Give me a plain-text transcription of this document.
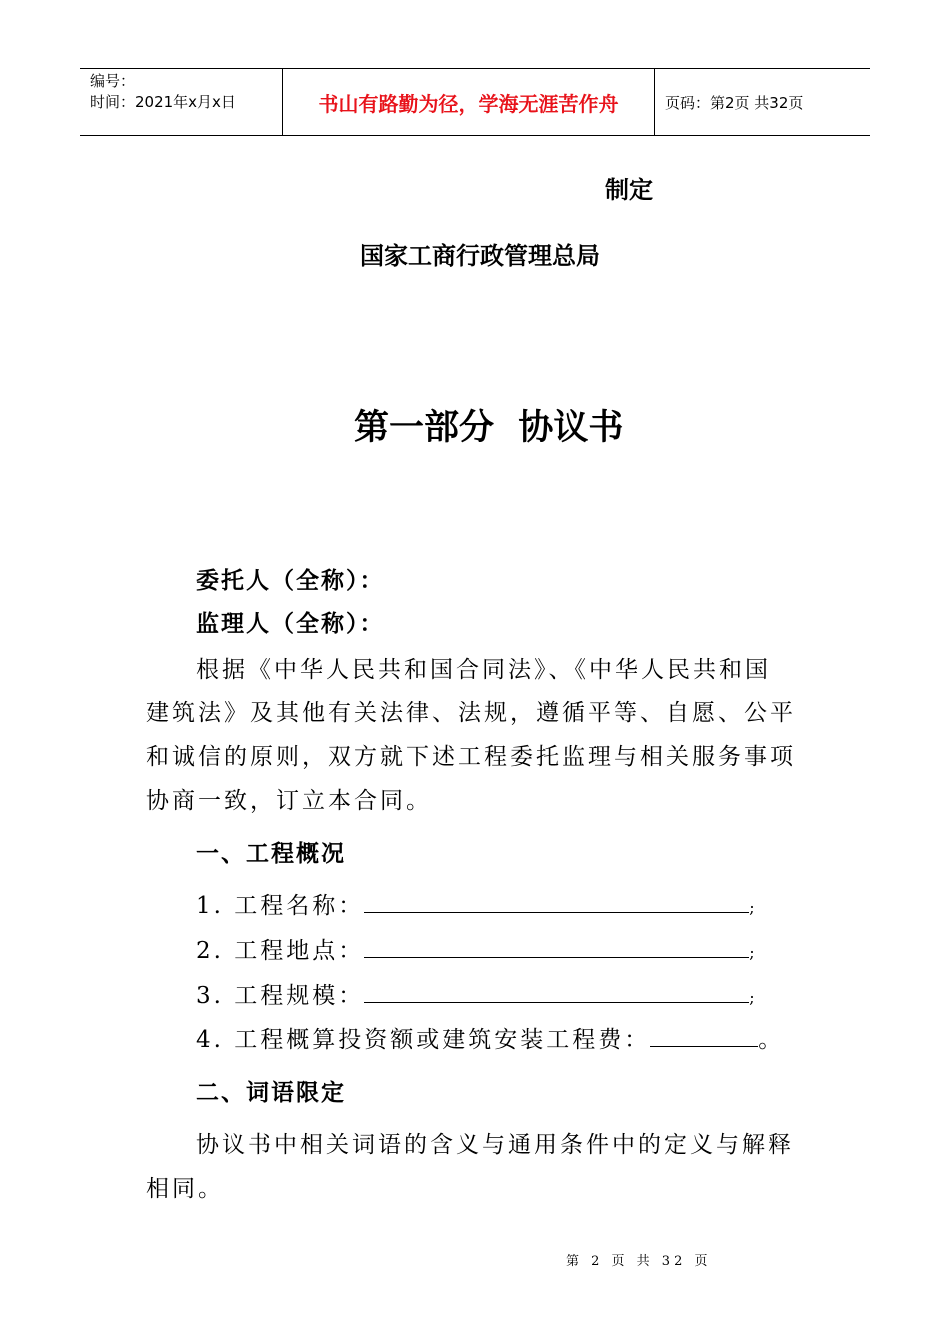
编号：
时间：2021年x月x日	书山有路勤为径，学海无涯苦作舟	页码：第2页 共32页
制定
国家工商行政管理总局
第一部分  协议书
委托人（全称）：
监理人（全称）：
根据《中华人民共和国合同法》、《中华人民共和国
建筑法》及其他有关法律、法规，遵循平等、自愿、公平
和诚信的原则，双方就下述工程委托监理与相关服务事项
协商一致，订立本合同。
一、工程概况
1. 工程名称：	;
2. 工程地点：	;
3. 工程规模：	;
4. 工程概算投资额或建筑安装工程费：	。
二、词语限定
协议书中相关词语的含义与通用条件中的定义与解释
相同。
第 2 页 共 32 页
